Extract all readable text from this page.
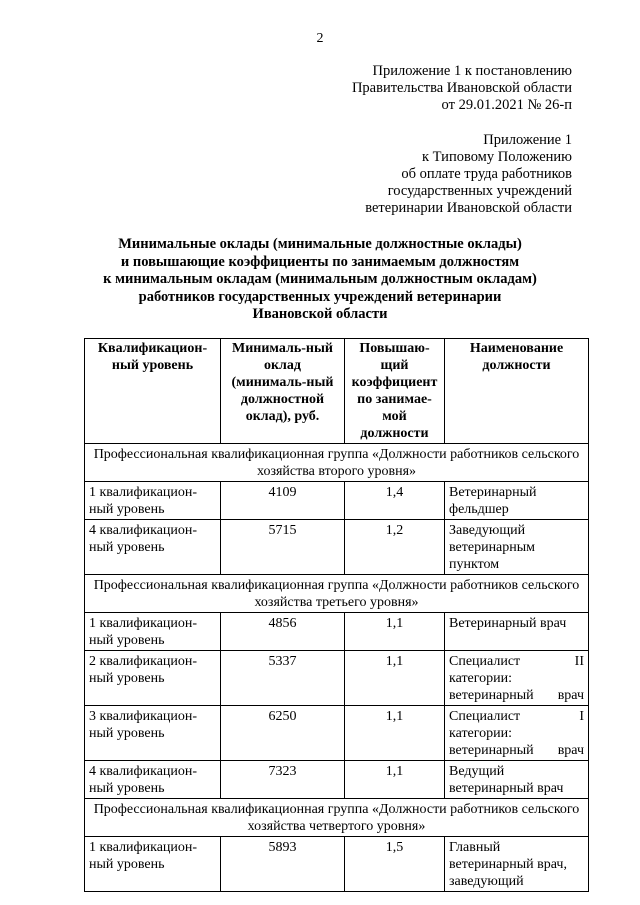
2
Приложение 1 к постановлению
Правительства Ивановской области
от 29.01.2021 № 26-п
Приложение 1
к Типовому Положению
об оплате труда работников
государственных учреждений
ветеринарии Ивановской области
Минимальные оклады (минимальные должностные оклады)
и повышающие коэффициенты по занимаемым должностям
к минимальным окладам (минимальным должностным окладам)
работников государственных учреждений ветеринарии
Ивановской области
Квалификацион-ный уровень	Минималь-ный оклад (минималь-ный должностной оклад), руб.	Повышаю-щий коэффициент по занимае-мой должности	Наименование должности
Профессиональная квалификационная группа «Должности работников сельского хозяйства второго уровня»			
1 квалификацион-ный уровень	4109	1,4	Ветеринарный фельдшер
4 квалификацион-ный уровень	5715	1,2	Заведующий ветеринарным пунктом
Профессиональная квалификационная группа «Должности работников сельского хозяйства третьего уровня»			
1 квалификацион-ный уровень	4856	1,1	Ветеринарный врач
2 квалификацион-ный уровень	5337	1,1	Специалист II категории: ветеринарный врач
3 квалификацион-ный уровень	6250	1,1	Специалист I категории: ветеринарный врач
4 квалификацион-ный уровень	7323	1,1	Ведущий ветеринарный врач
Профессиональная квалификационная группа «Должности работников сельского хозяйства четвертого уровня»			
1 квалификацион-ный уровень	5893	1,5	Главный ветеринарный врач, заведующий
